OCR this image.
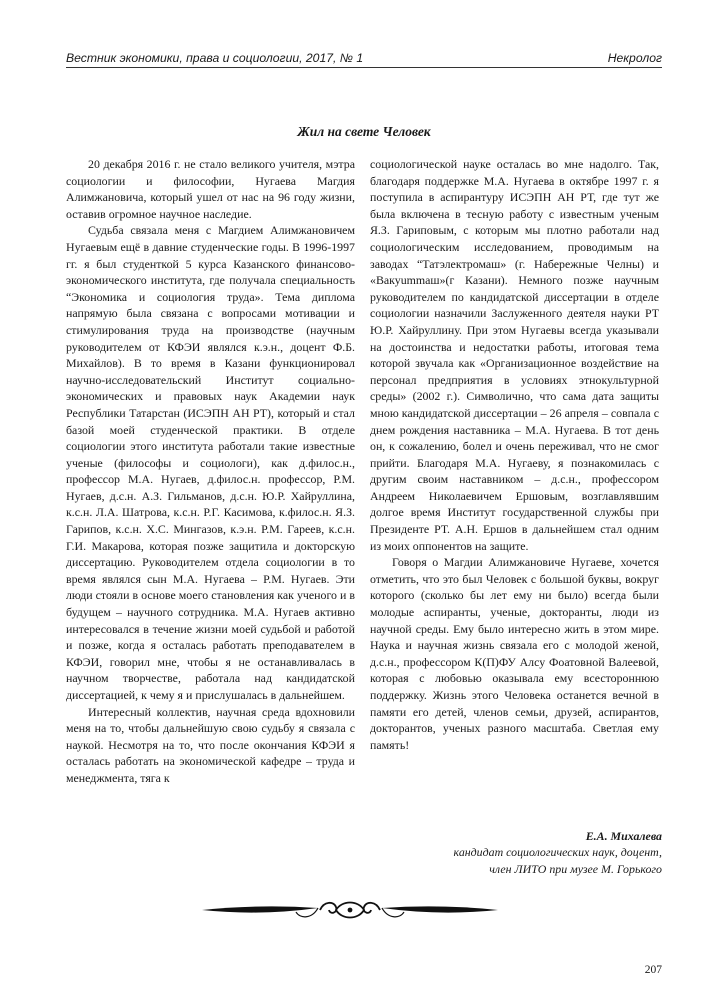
Вестник экономики, права и социологии, 2017, № 1	Некролог
Жил на свете Человек

20 декабря 2016 г. не стало великого учителя, мэтра социологии и философии, Нугаева Магдия Алимжановича, который ушел от нас на 96 году жизни, оставив огромное научное наследие.

Судьба связала меня с Магдием Алимжановичем Нугаевым ещё в давние студенческие годы. В 1996-1997 гг. я был студенткой 5 курса Казанского финансово-экономического института, где получала специальность “Экономика и социология труда». Тема диплома напрямую была связана с вопросами мотивации и стимулирования труда на производстве (научным руководителем от КФЭИ являлся к.э.н., доцент Ф.Б. Михайлов). В то время в Казани функционировал научно-исследовательский Институт социально-экономических и правовых наук Академии наук Республики Татарстан (ИСЭПН АН РТ), который и стал базой моей студенческой практики. В отделе социологии этого института работали такие известные ученые (философы и социологи), как д.филос.н., профессор М.А. Нугаев, д.филос.н. профессор, Р.М. Нугаев, д.с.н. А.З. Гильманов, д.с.н. Ю.Р. Хайруллина, к.с.н. Л.А. Шатрова, к.с.н. Р.Г. Касимова, к.филос.н. Я.З. Гарипов, к.с.н. Х.С. Мингазов, к.э.н. Р.М. Гареев, к.с.н. Г.И. Макарова, которая позже защитила и докторскую диссертацию. Руководителем отдела социологии в то время являлся сын М.А. Нугаева – Р.М. Нугаев. Эти люди стояли в основе моего становления как ученого и в будущем – научного сотрудника. М.А. Нугаев активно интересовался в течение жизни моей судьбой и работой и позже, когда я осталась работать преподавателем в КФЭИ, говорил мне, чтобы я не останавливалась в научном творчестве, работала над кандидатской диссертацией, к чему я и прислушалась в дальнейшем.

Интересный коллектив, научная среда вдохновили меня на то, чтобы дальнейшую свою судьбу я связала с наукой. Несмотря на то, что после окончания КФЭИ я осталась работать на экономической кафедре – труда и менеджмента, тяга к

социологической науке осталась во мне надолго. Так, благодаря поддержке М.А. Нугаева в октябре 1997 г. я поступила в аспирантуру ИСЭПН АН РТ, где тут же была включена в тесную работу с известным ученым Я.З. Гариповым, с которым мы плотно работали над социологическим исследованием, проводимым на заводах “Татэлектромаш» (г. Набережные Челны) и «Вакуummаш»(г Казани). Немного позже научным руководителем по кандидатской диссертации в отделе социологии назначили Заслуженного деятеля науки РТ Ю.Р. Хайруллину. При этом Нугаевы всегда указывали на достоинства и недостатки работы, итоговая тема которой звучала как «Организационное воздействие на персонал предприятия в условиях этнокультурной среды» (2002 г.). Символично, что сама дата защиты мною кандидатской диссертации – 26 апреля – совпала с днем рождения наставника – М.А. Нугаева. В тот день он, к сожалению, болел и очень переживал, что не смог прийти. Благодаря М.А. Нугаеву, я познакомилась с другим своим наставником – д.с.н., профессором Андреем Николаевичем Ершовым, возглавлявшим долгое время Институт государственной службы при Президенте РТ. А.Н. Ершов в дальнейшем стал одним из моих оппонентов на защите.

Говоря о Магдии Алимжановиче Нугаеве, хочется отметить, что это был Человек с большой буквы, вокруг которого (сколько бы лет ему ни было) всегда были молодые аспиранты, ученые, докторанты, люди из научной среды. Ему было интересно жить в этом мире. Наука и научная жизнь связала его с молодой женой, д.с.н., профессором К(П)ФУ Алсу Фоатовной Валеевой, которая с любовью оказывала ему всестороннюю поддержку. Жизнь этого Человека останется вечной в памяти его детей, членов семьи, друзей, аспирантов, докторантов, ученых разного масштаба. Светлая ему память!

Е.А. Михалева
кандидат социологических наук, доцент,
член ЛИТО при музее М. Горького
207
